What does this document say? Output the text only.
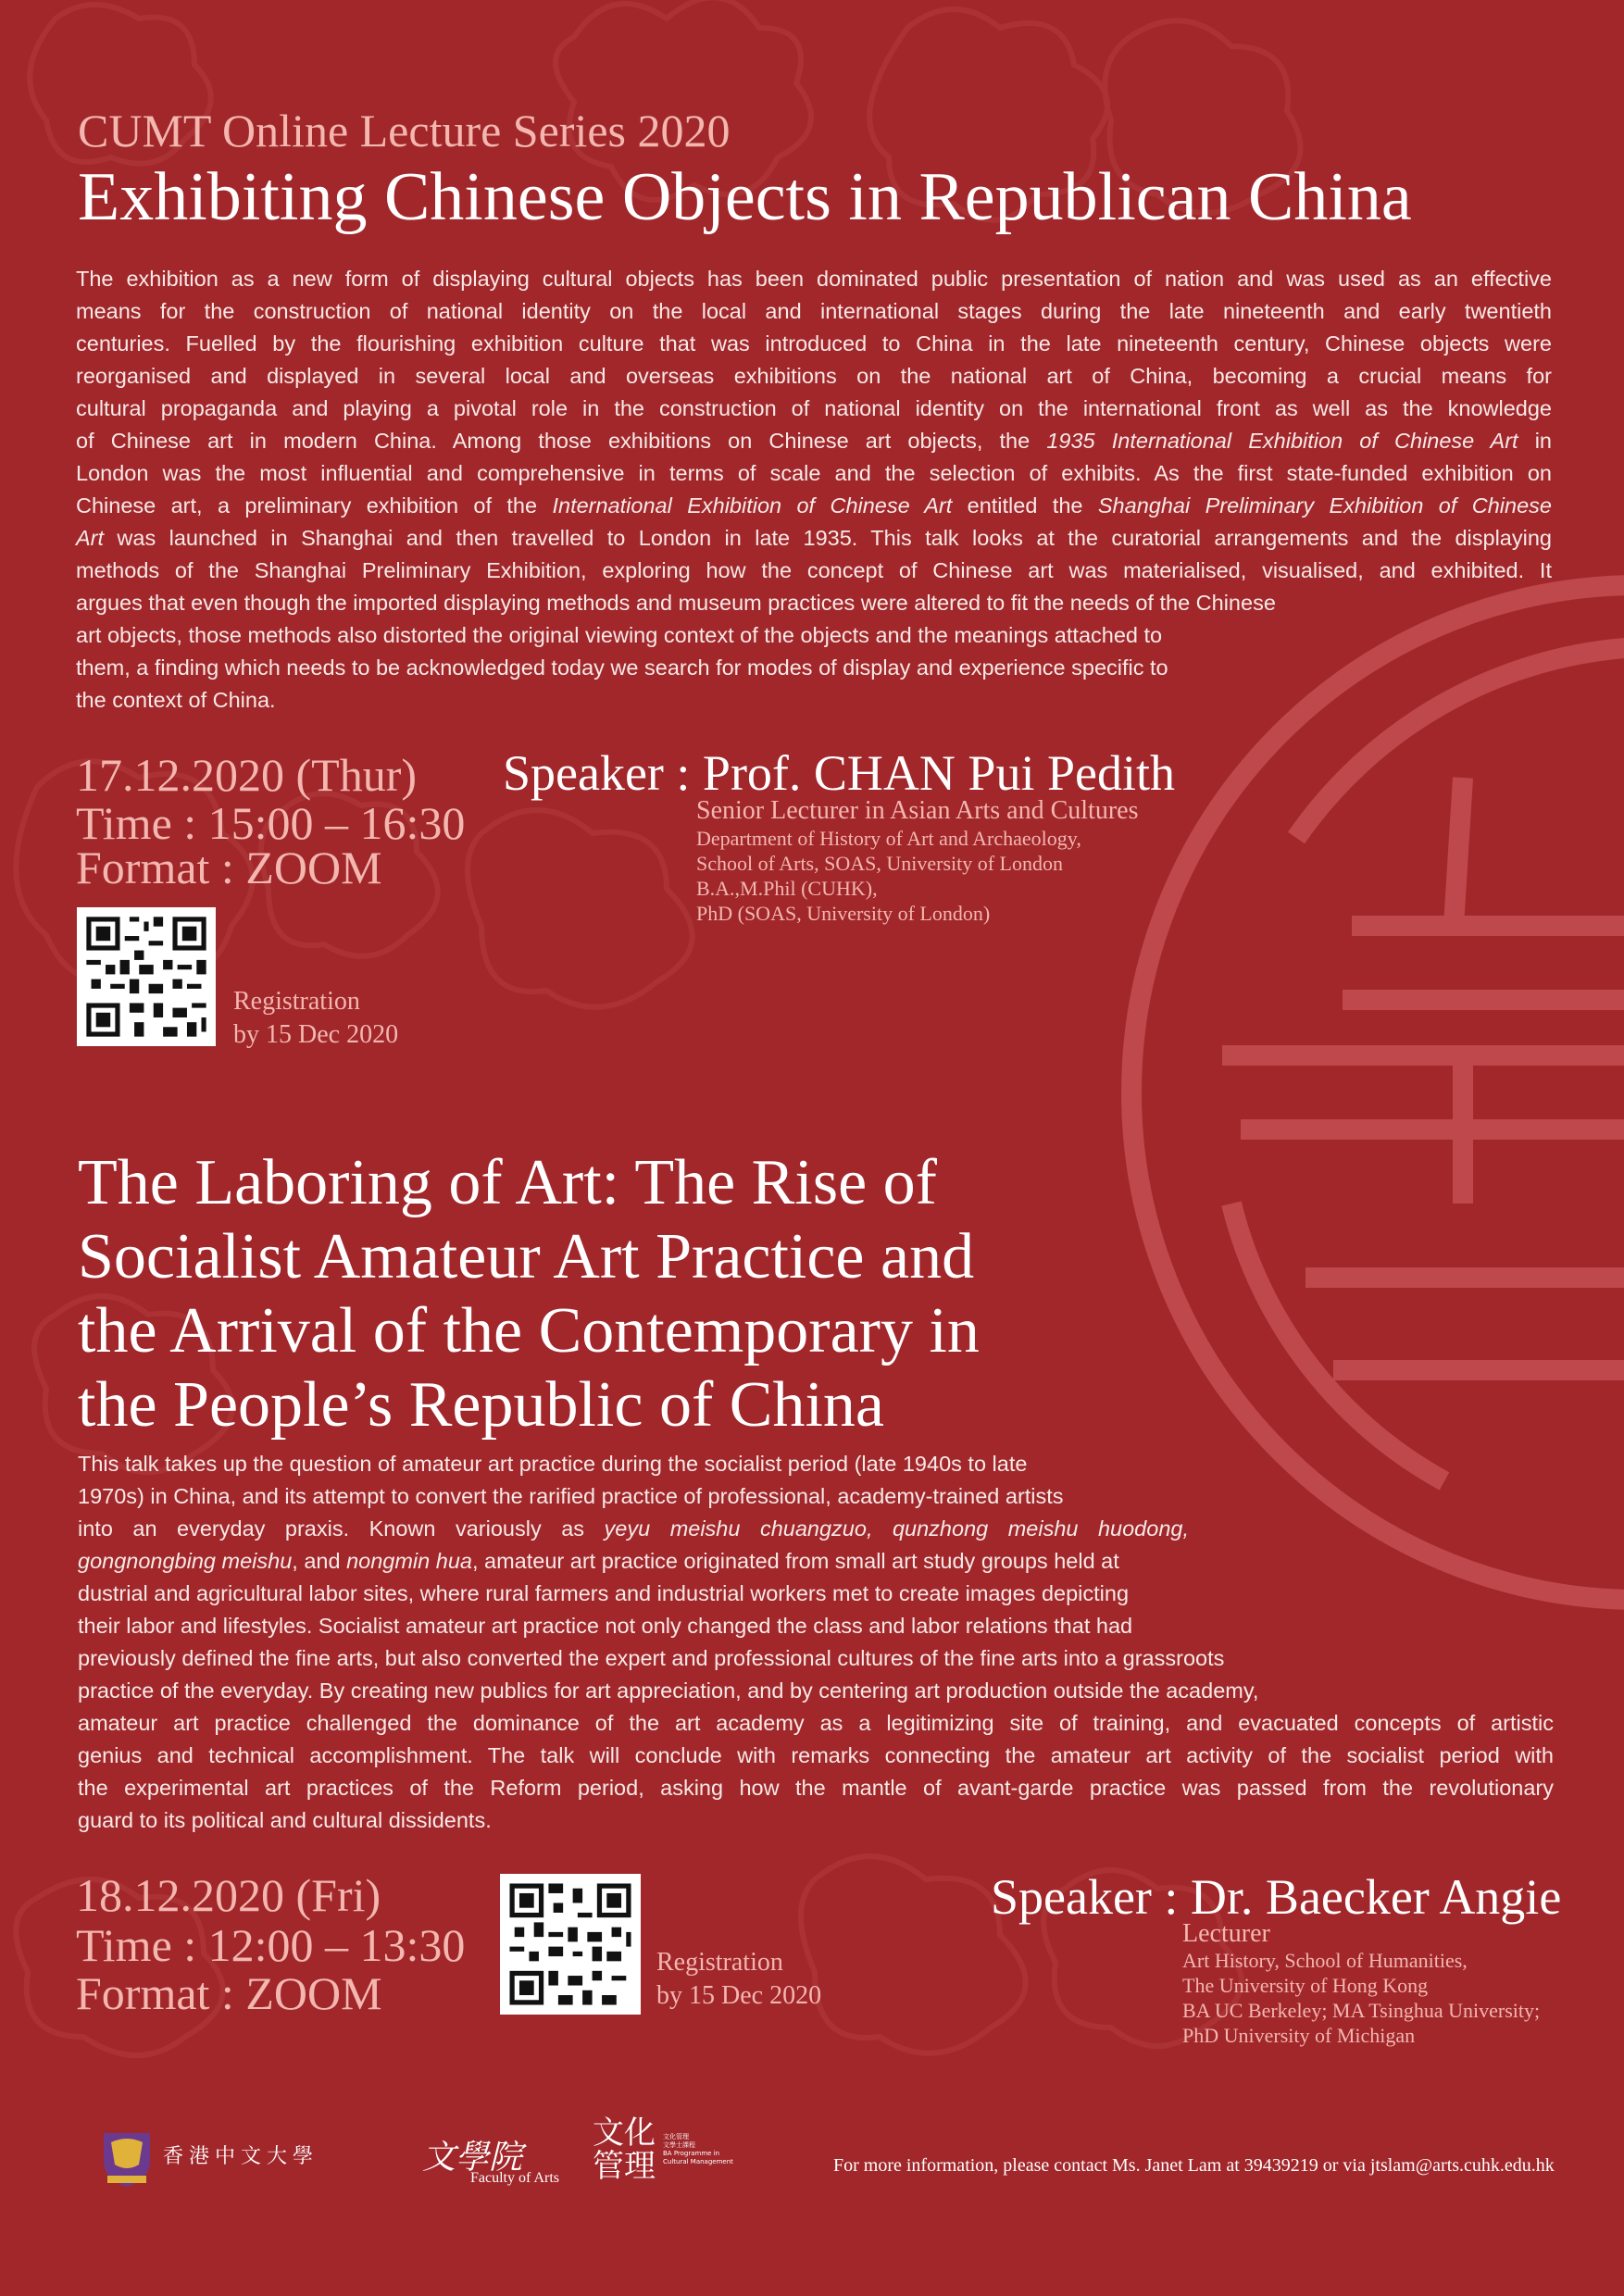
CUMT Online Lecture Series 2020
Exhibiting Chinese Objects in Republican China

The exhibition as a new form of displaying cultural objects has been dominated public presentation of nation and was used as an effective
means for the construction of national identity on the local and international stages during the late nineteenth and early twentieth
centuries. Fuelled by the flourishing exhibition culture that was introduced to China in the late nineteenth century, Chinese objects were
reorganised and displayed in several local and overseas exhibitions on the national art of China, becoming a crucial means for
cultural propaganda and playing a pivotal role in the construction of national identity on the international front as well as the knowledge
of Chinese art in modern China. Among those exhibitions on Chinese art objects, the 1935 International Exhibition of Chinese Art in
London was the most influential and comprehensive in terms of scale and the selection of exhibits. As the first state-funded exhibition on
Chinese art, a preliminary exhibition of the International Exhibition of Chinese Art entitled the Shanghai Preliminary Exhibition of Chinese
Art was launched in Shanghai and then travelled to London in late 1935. This talk looks at the curatorial arrangements and the displaying
methods of the Shanghai Preliminary Exhibition, exploring how the concept of Chinese art was materialised, visualised, and exhibited. It
argues that even though the imported displaying methods and museum practices were altered to fit the needs of the Chinese
art objects, those methods also distorted the original viewing context of the objects and the meanings attached to
them, a finding which needs to be acknowledged today we search for modes of display and experience specific to
the context of China.

17.12.2020 (Thur)
Time : 15:00 – 16:30
Format : ZOOM
Registration
by 15 Dec 2020
Speaker : Prof. CHAN Pui Pedith
Senior Lecturer in Asian Arts and Cultures
Department of History of Art and Archaeology,
School of Arts, SOAS, University of London
B.A.,M.Phil (CUHK),
PhD (SOAS, University of London)
The Laboring of Art: The Rise of
Socialist Amateur Art Practice and
the Arrival of the Contemporary in
the People’s Republic of China

This talk takes up the question of amateur art practice during the socialist period (late 1940s to late
1970s) in China, and its attempt to convert the rarified practice of professional, academy-trained artists
into an everyday praxis. Known variously as yeyu meishu chuangzuo, qunzhong meishu huodong,
gongnongbing meishu, and nongmin hua, amateur art practice originated from small art study groups held at
dustrial and agricultural labor sites, where rural farmers and industrial workers met to create images depicting
their labor and lifestyles. Socialist amateur art practice not only changed the class and labor relations that had
previously defined the fine arts, but also converted the expert and professional cultures of the fine arts into a grassroots
practice of the everyday. By creating new publics for art appreciation, and by centering art production outside the academy,
amateur art practice challenged the dominance of the art academy as a legitimizing site of training, and evacuated concepts of artistic
genius and technical accomplishment. The talk will conclude with remarks connecting the amateur art activity of the socialist period with
the experimental art practices of the Reform period, asking how the mantle of avant-garde practice was passed from the revolutionary
guard to its political and cultural dissidents.

18.12.2020 (Fri)
Time : 12:00 – 13:30
Format : ZOOM
Registration
by 15 Dec 2020
Speaker : Dr. Baecker Angie
Lecturer
Art History, School of Humanities,
The University of Hong Kong
BA UC Berkeley; MA Tsinghua University;
PhD University of Michigan
香港中文大學	文學院
Faculty of Arts
文化管理
文化管理
文學士課程
BA Programme in
Cultural Management	For more information, please contact Ms. Janet Lam at 39439219 or via jtslam@arts.cuhk.edu.hk
